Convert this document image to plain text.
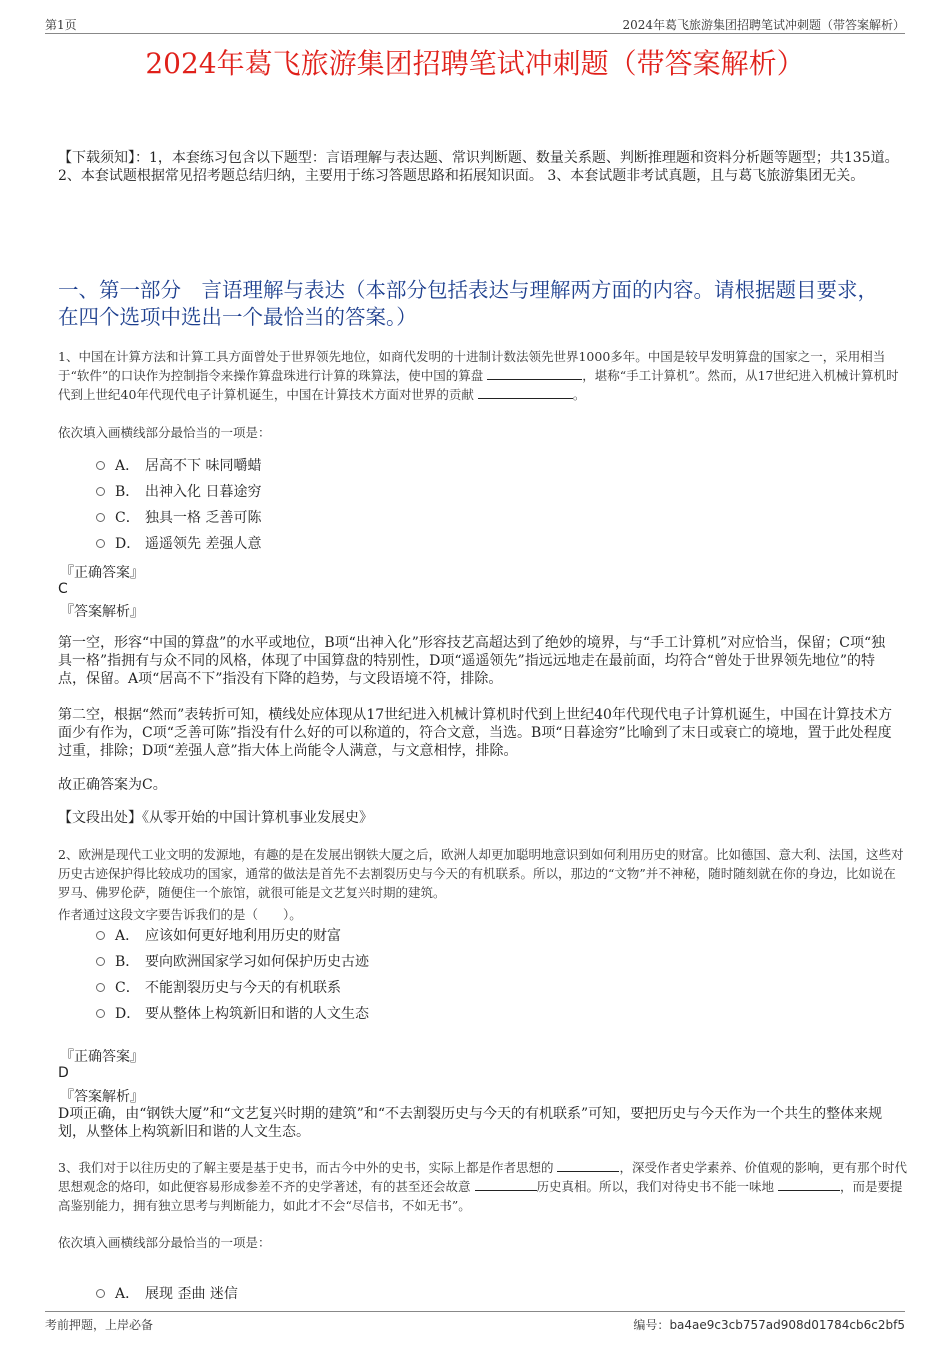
第1页	2024年葛飞旅游集团招聘笔试冲刺题（带答案解析）
2024年葛飞旅游集团招聘笔试冲刺题（带答案解析）
【下载须知】：1，本套练习包含以下题型：言语理解与表达题、常识判断题、数量关系题、判断推理题和资料分析题等题型；共135道。 2、本套试题根据常见招考题总结归纳，主要用于练习答题思路和拓展知识面。 3、本套试题非考试真题，且与葛飞旅游集团无关。
一、第一部分　言语理解与表达（本部分包括表达与理解两方面的内容。请根据题目要求，在四个选项中选出一个最恰当的答案。）
1、中国在计算方法和计算工具方面曾处于世界领先地位，如商代发明的十进制计数法领先世界1000多年。中国是较早发明算盘的国家之一，采用相当于“软件”的口诀作为控制指令来操作算盘珠进行计算的珠算法，使中国的算盘	，堪称“手工计算机”。然而，从17世纪进入机械计算机时代到上世纪40年代现代电子计算机诞生，中国在计算技术方面对世界的贡献	。
依次填入画横线部分最恰当的一项是：
A． 居高不下 味同嚼蜡
B． 出神入化 日暮途穷
C． 独具一格 乏善可陈
D． 遥遥领先 差强人意
『正确答案』
C
『答案解析』
第一空，形容“中国的算盘”的水平或地位，B项“出神入化”形容技艺高超达到了绝妙的境界，与“手工计算机”对应恰当，保留；C项“独具一格”指拥有与众不同的风格，体现了中国算盘的特别性，D项“遥遥领先”指远远地走在最前面，均符合“曾处于世界领先地位”的特点，保留。A项“居高不下”指没有下降的趋势，与文段语境不符，排除。
第二空，根据“然而”表转折可知，横线处应体现从17世纪进入机械计算机时代到上世纪40年代现代电子计算机诞生，中国在计算技术方面少有作为，C项“乏善可陈”指没有什么好的可以称道的，符合文意，当选。B项“日暮途穷”比喻到了末日或衰亡的境地，置于此处程度过重，排除；D项“差强人意”指大体上尚能令人满意，与文意相悖，排除。
故正确答案为C。
【文段出处】《从零开始的中国计算机事业发展史》
2、欧洲是现代工业文明的发源地，有趣的是在发展出钢铁大厦之后，欧洲人却更加聪明地意识到如何利用历史的财富。比如德国、意大利、法国，这些对历史古迹保护得比较成功的国家，通常的做法是首先不去割裂历史与今天的有机联系。所以，那边的“文物”并不神秘，随时随刻就在你的身边，比如说在罗马、佛罗伦萨，随便住一个旅馆，就很可能是文艺复兴时期的建筑。
作者通过这段文字要告诉我们的是（　　）。
A． 应该如何更好地利用历史的财富
B． 要向欧洲国家学习如何保护历史古迹
C． 不能割裂历史与今天的有机联系
D． 要从整体上构筑新旧和谐的人文生态
『正确答案』
D
『答案解析』
D项正确，由“钢铁大厦”和“文艺复兴时期的建筑”和“不去割裂历史与今天的有机联系”可知，要把历史与今天作为一个共生的整体来规划，从整体上构筑新旧和谐的人文生态。
3、我们对于以往历史的了解主要是基于史书，而古今中外的史书，实际上都是作者思想的	，深受作者史学素养、价值观的影响，更有那个时代思想观念的烙印，如此便容易形成参差不齐的史学著述，有的甚至还会故意	历史真相。所以，我们对待史书不能一味地	，而是要提高鉴别能力，拥有独立思考与判断能力，如此才不会“尽信书，不如无书”。
依次填入画横线部分最恰当的一项是：
A． 展现 歪曲 迷信
考前押题，上岸必备	编号：ba4ae9c3cb757ad908d01784cb6c2bf5
